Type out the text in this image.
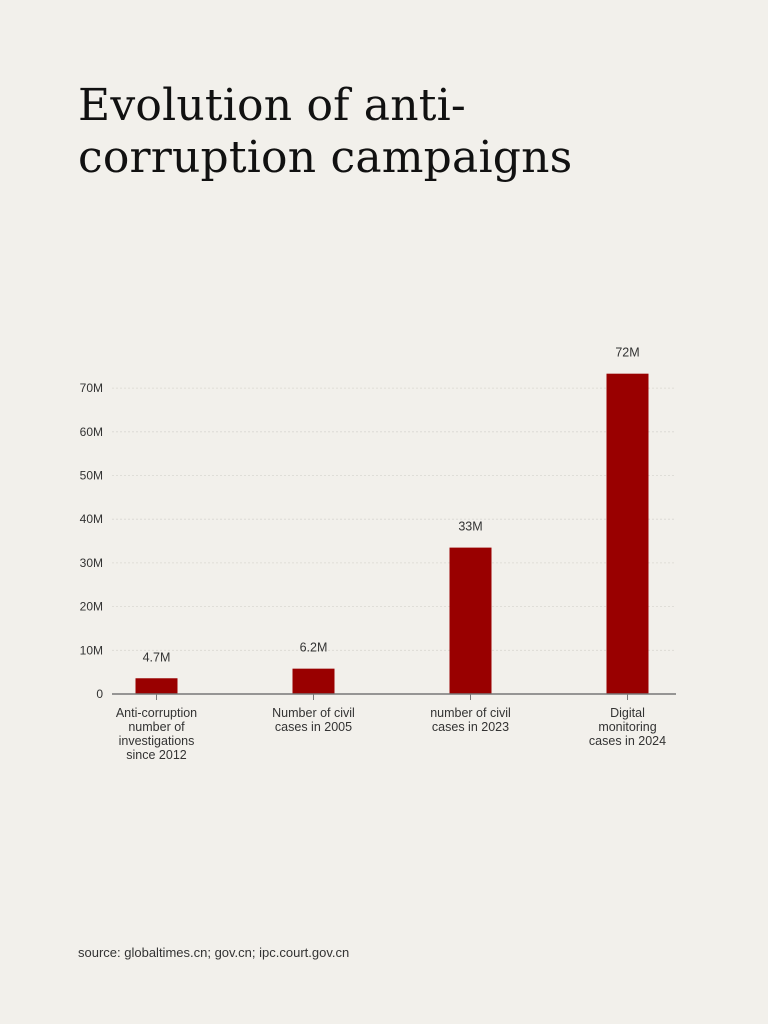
Evolution of anti-corruption campaigns
0
10M
20M
30M
40M
50M
60M
70M
4.7M
Anti-corruption number of investigations since 2012
6.2M
Number of civil cases in 2005
33M
number of civil cases in 2023
72M
Digital monitoring cases in 2024

source: globaltimes.cn; gov.cn; ipc.court.gov.cn
